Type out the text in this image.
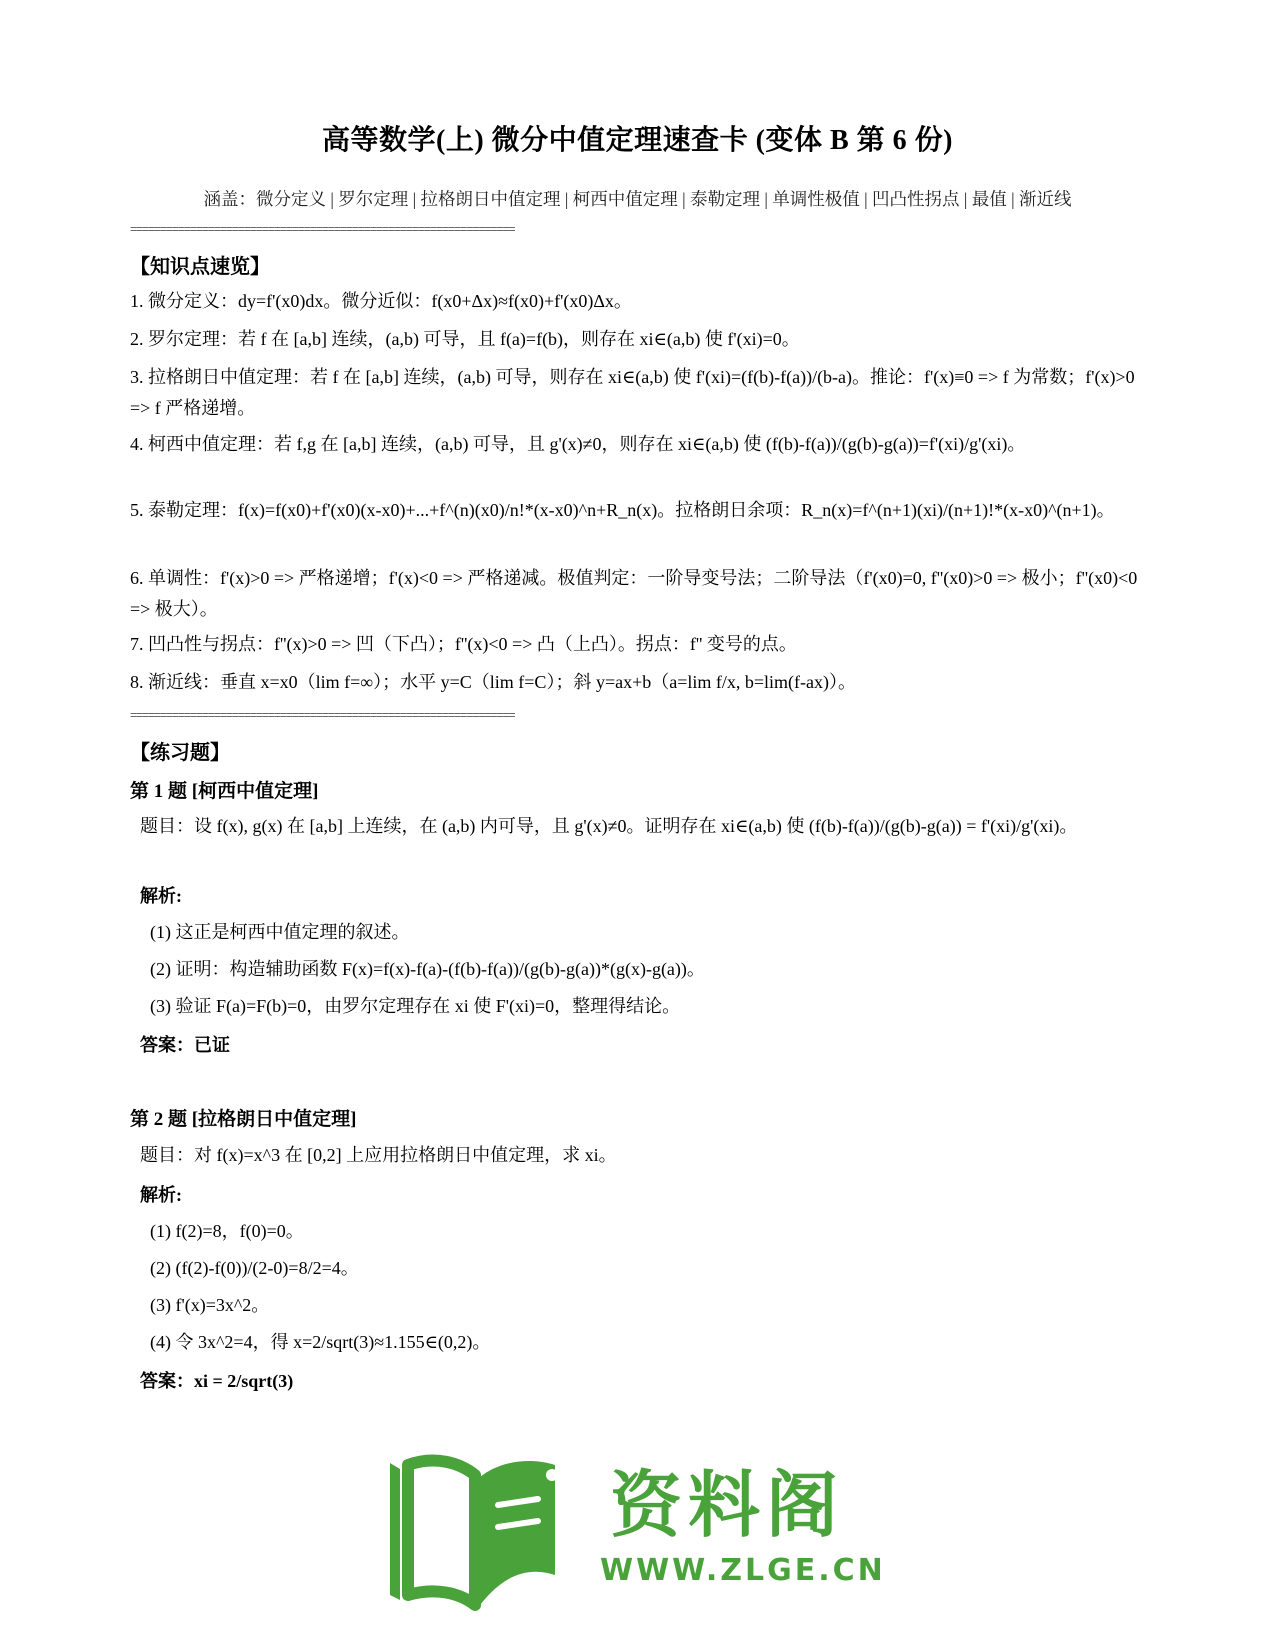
高等数学(上) 微分中值定理速查卡 (变体 B 第 6 份)
涵盖：微分定义 | 罗尔定理 | 拉格朗日中值定理 | 柯西中值定理 | 泰勒定理 | 单调性极值 | 凹凸性拐点 | 最值 | 渐近线
================================================================
【知识点速览】
1. 微分定义：dy=f'(x0)dx。微分近似：f(x0+Δx)≈f(x0)+f'(x0)Δx。
2. 罗尔定理：若 f 在 [a,b] 连续，(a,b) 可导，且 f(a)=f(b)，则存在 xi∈(a,b) 使 f'(xi)=0。
3. 拉格朗日中值定理：若 f 在 [a,b] 连续，(a,b) 可导，则存在 xi∈(a,b) 使 f'(xi)=(f(b)-f(a))/(b-a)。推论：f'(x)≡0 => f 为常数；f'(x)>0 => f 严格递增。
4. 柯西中值定理：若 f,g 在 [a,b] 连续，(a,b) 可导，且 g'(x)≠0，则存在 xi∈(a,b) 使 (f(b)-f(a))/(g(b)-g(a))=f'(xi)/g'(xi)。
5. 泰勒定理：f(x)=f(x0)+f'(x0)(x-x0)+...+f^(n)(x0)/n!*(x-x0)^n+R_n(x)。拉格朗日余项：R_n(x)=f^(n+1)(xi)/(n+1)!*(x-x0)^(n+1)。
6. 单调性：f'(x)>0 => 严格递增；f'(x)<0 => 严格递减。极值判定：一阶导变号法；二阶导法（f'(x0)=0, f''(x0)>0 => 极小；f''(x0)<0 => 极大）。
7. 凹凸性与拐点：f''(x)>0 => 凹（下凸）；f''(x)<0 => 凸（上凸）。拐点：f'' 变号的点。
8. 渐近线：垂直 x=x0（lim f=∞）；水平 y=C（lim f=C）；斜 y=ax+b（a=lim f/x, b=lim(f-ax)）。
================================================================
【练习题】
第 1 题 [柯西中值定理]
题目：设 f(x), g(x) 在 [a,b] 上连续，在 (a,b) 内可导，且 g'(x)≠0。证明存在 xi∈(a,b) 使 (f(b)-f(a))/(g(b)-g(a)) = f'(xi)/g'(xi)。
解析:
(1) 这正是柯西中值定理的叙述。
(2) 证明：构造辅助函数 F(x)=f(x)-f(a)-(f(b)-f(a))/(g(b)-g(a))*(g(x)-g(a))。
(3) 验证 F(a)=F(b)=0，由罗尔定理存在 xi 使 F'(xi)=0，整理得结论。
答案：已证
第 2 题 [拉格朗日中值定理]
题目：对 f(x)=x^3 在 [0,2] 上应用拉格朗日中值定理，求 xi。
解析:
(1) f(2)=8，f(0)=0。
(2) (f(2)-f(0))/(2-0)=8/2=4。
(3) f'(x)=3x^2。
(4) 令 3x^2=4，得 x=2/sqrt(3)≈1.155∈(0,2)。
答案：xi = 2/sqrt(3)
资料阁
WWW.ZLGE.CN
